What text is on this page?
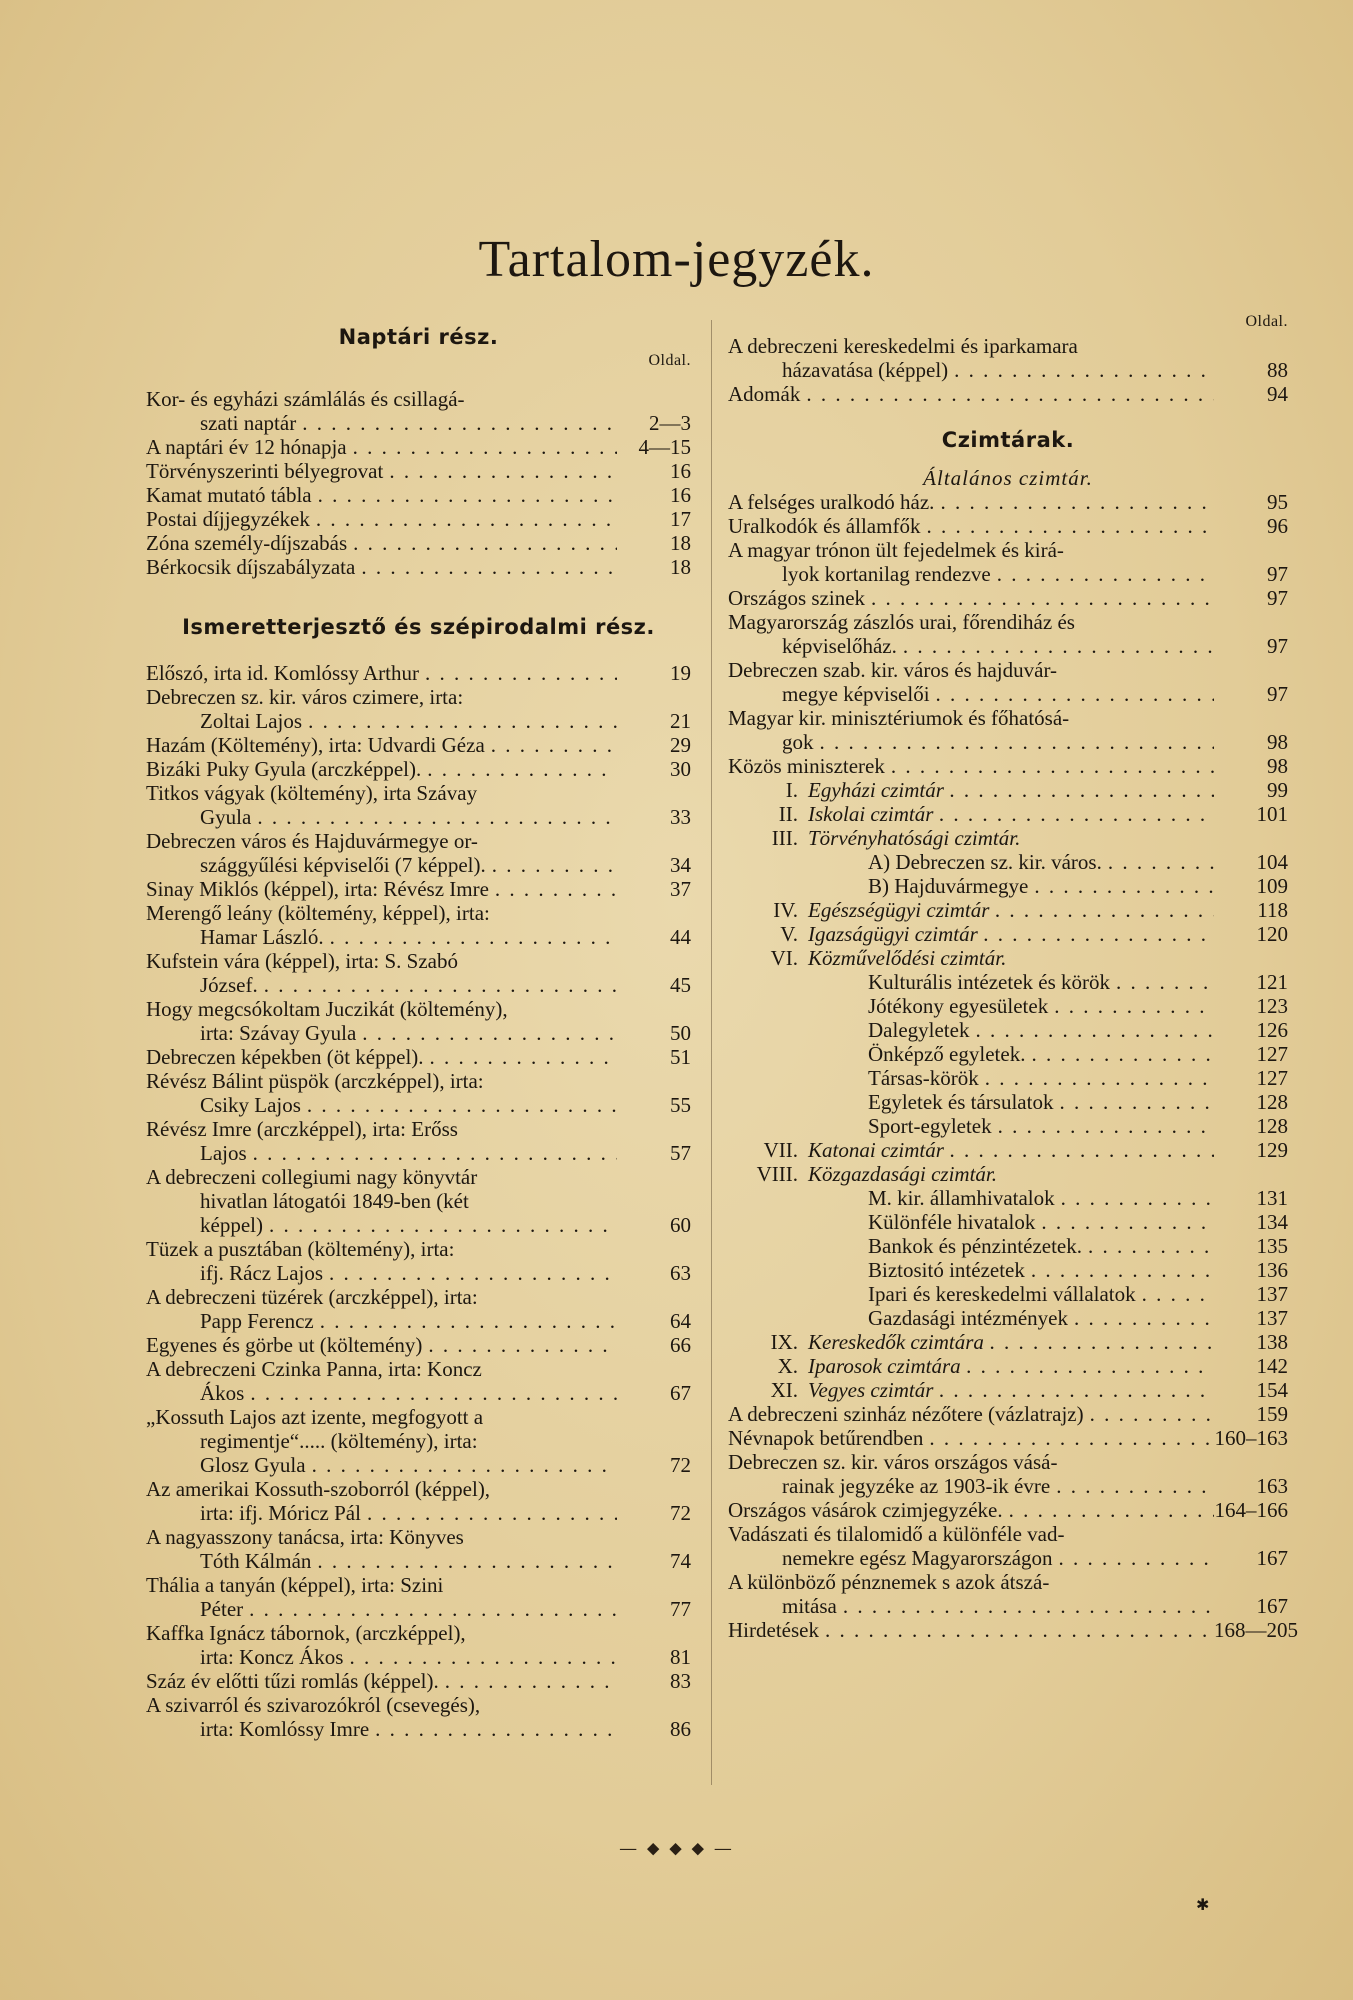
Tartalom-jegyzék.
Naptári rész.
Oldal.
Kor- és egyházi számlálás és csillagá-
szati naptár . . .	2—3
A naptári év 12 hónapja . . .	4—15
Törvényszerinti bélyegrovat . . .	16
Kamat mutató tábla . . .	16
Postai díjjegyzékek . . .	17
Zóna személy-díjszabás . . .	18
Bérkocsik díjszabályzata . . .	18
Ismeretterjesztő és szépirodalmi rész.
Előszó, irta id. Komlóssy Arthur . . .	19
Debreczen sz. kir. város czimere, irta:
Zoltai Lajos . . .	21
Hazám (Költemény), irta: Udvardi Géza . . .	29
Bizáki Puky Gyula (arczképpel). . . .	30
Titkos vágyak (költemény), irta Szávay
Gyula . . .	33
Debreczen város és Hajduvármegye or-
szággyűlési képviselői (7 képpel). . . .	34
Sinay Miklós (képpel), irta: Révész Imre . . .	37
Merengő leány (költemény, képpel), irta:
Hamar László. . . .	44
Kufstein vára (képpel), irta: S. Szabó
József. . . .	45
Hogy megcsókoltam Juczikát (költemény),
irta: Szávay Gyula . . .	50
Debreczen képekben (öt képpel). . . .	51
Révész Bálint püspök (arczképpel), irta:
Csiky Lajos . . .	55
Révész Imre (arczképpel), irta: Erőss
Lajos . . .	57
A debreczeni collegiumi nagy könyvtár
hivatlan látogatói 1849-ben (két
képpel) . . .	60
Tüzek a pusztában (költemény), irta:
ifj. Rácz Lajos . . .	63
A debreczeni tüzérek (arczképpel), irta:
Papp Ferencz . . .	64
Egyenes és görbe ut (költemény) . . .	66
A debreczeni Czinka Panna, irta: Koncz
Ákos . . .	67
„Kossuth Lajos azt izente, megfogyott a
regimentje“..... (költemény), irta:
Glosz Gyula . . .	72
Az amerikai Kossuth-szoborról (képpel),
irta: ifj. Móricz Pál . . .	72
A nagyasszony tanácsa, irta: Könyves
Tóth Kálmán . . .	74
Thália a tanyán (képpel), irta: Szini
Péter . . .	77
Kaffka Ignácz tábornok, (arczképpel),
irta: Koncz Ákos . . .	81
Száz év előtti tűzi romlás (képpel). . . .	83
A szivarról és szivarozókról (csevegés),
irta: Komlóssy Imre . . .	86
Oldal.
A debreczeni kereskedelmi és iparkamara
házavatása (képpel) . . .	88
Adomák . . .	94
Czimtárak.
Általános czimtár.
A felséges uralkodó ház. . . .	95
Uralkodók és államfők . . .	96
A magyar trónon ült fejedelmek és kirá-
lyok kortanilag rendezve . . .	97
Országos szinek . . .	97
Magyarország zászlós urai, főrendiház és
képviselőház. . . .	97
Debreczen szab. kir. város és hajduvár-
megye képviselői . . .	97
Magyar kir. minisztériumok és főhatósá-
gok . . .	98
Közös miniszterek . . .	98
I. Egyházi czimtár . . .	99
II. Iskolai czimtár . . .	101
III. Törvényhatósági czimtár.
A) Debreczen sz. kir. város. . . .	104
B) Hajduvármegye . . .	109
IV. Egészségügyi czimtár . . .	118
V. Igazságügyi czimtár . . .	120
VI. Közművelődési czimtár.
Kulturális intézetek és körök . . .	121
Jótékony egyesületek . . .	123
Dalegyletek . . .	126
Önképző egyletek. . . .	127
Társas-körök . . .	127
Egyletek és társulatok . . .	128
Sport-egyletek . . .	128
VII. Katonai czimtár . . .	129
VIII. Közgazdasági czimtár.
M. kir. államhivatalok . . .	131
Különféle hivatalok . . .	134
Bankok és pénzintézetek. . . .	135
Biztositó intézetek . . .	136
Ipari és kereskedelmi vállalatok . . .	137
Gazdasági intézmények . . .	137
IX. Kereskedők czimtára . . .	138
X. Iparosok czimtára . . .	142
XI. Vegyes czimtár . . .	154
A debreczeni szinház nézőtere (vázlatrajz) . . .	159
Névnapok betűrendben . . .	160–163
Debreczen sz. kir. város országos vásá-
rainak jegyzéke az 1903-ik évre . . .	163
Országos vásárok czimjegyzéke. . . .	164–166
Vadászati és tilalomidő a különféle vad-
nemekre egész Magyarországon . . .	167
A különböző pénznemek s azok átszá-
mitása . . .	167
Hirdetések . . .	168—205
— ⬥ ⬥ ⬥ —
✱
